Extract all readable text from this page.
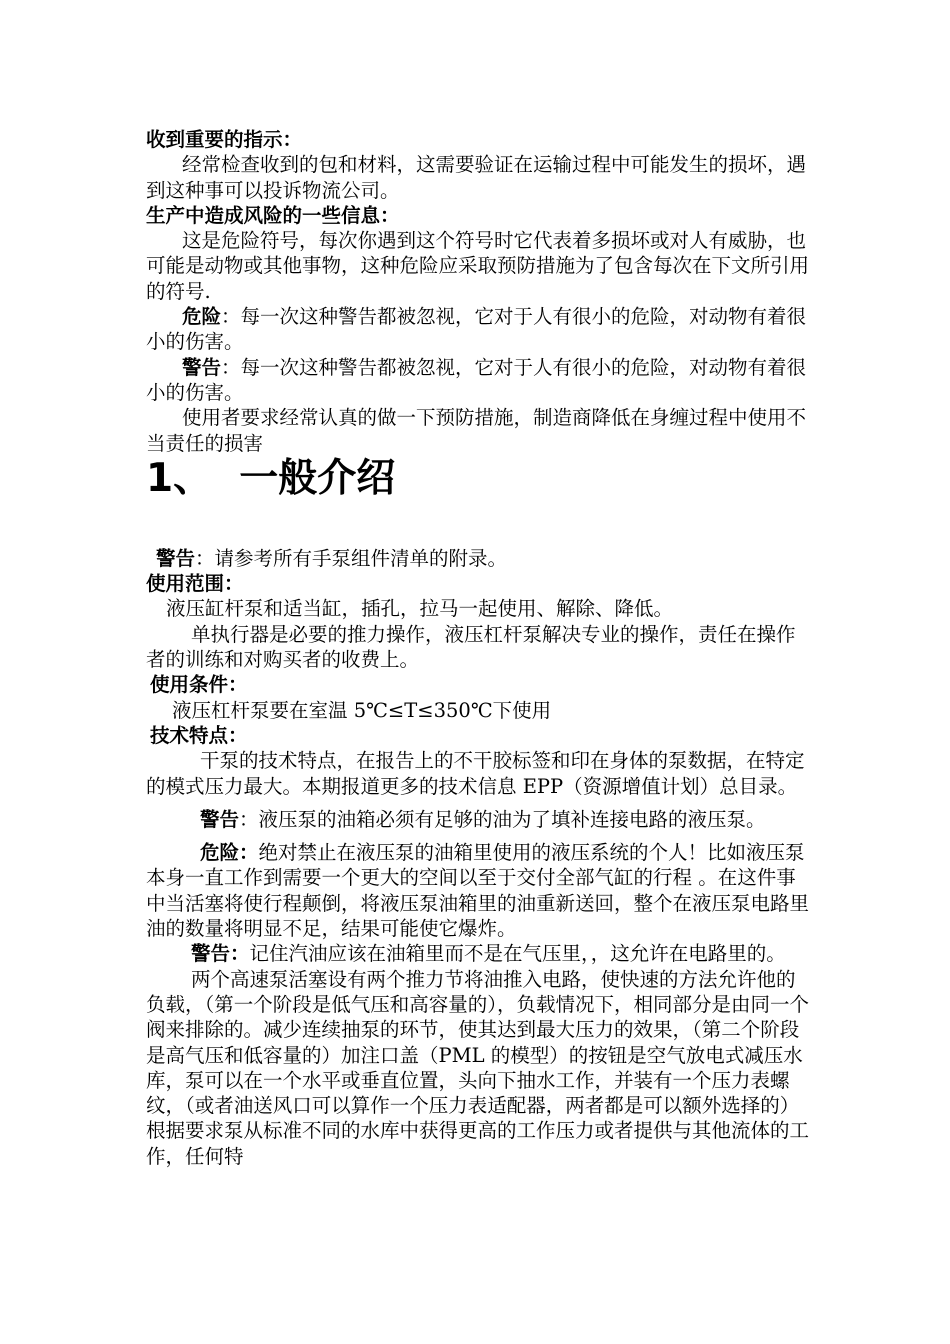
收到重要的指示：

经常检查收到的包和材料，这需要验证在运输过程中可能发生的损坏，遇到这种事可以投诉物流公司。

生产中造成风险的一些信息：

这是危险符号，每次你遇到这个符号时它代表着多损坏或对人有威胁，也可能是动物或其他事物，这种危险应采取预防措施为了包含每次在下文所引用的符号.

危险：每一次这种警告都被忽视，它对于人有很小的危险，对动物有着很小的伤害。

警告：每一次这种警告都被忽视，它对于人有很小的危险，对动物有着很小的伤害。

使用者要求经常认真的做一下预防措施，制造商降低在身缠过程中使用不当责任的损害

1、  一般介绍

警告：请参考所有手泵组件清单的附录。

使用范围：

液压缸杆泵和适当缸，插孔，拉马一起使用、解除、降低。

单执行器是必要的推力操作，液压杠杆泵解决专业的操作，责任在操作者的训练和对购买者的收费上。

使用条件：

液压杠杆泵要在室温 5℃≤T≤350℃下使用

技术特点：

干泵的技术特点，在报告上的不干胶标签和印在身体的泵数据，在特定的模式压力最大。本期报道更多的技术信息 EPP（资源增值计划）总目录。

警告：液压泵的油箱必须有足够的油为了填补连接电路的液压泵。

危险：绝对禁止在液压泵的油箱里使用的液压系统的个人！比如液压泵本身一直工作到需要一个更大的空间以至于交付全部气缸的行程 。在这件事中当活塞将使行程颠倒，将液压泵油箱里的油重新送回，整个在液压泵电路里油的数量将明显不足，结果可能使它爆炸。

警告：记住汽油应该在油箱里而不是在气压里，，这允许在电路里的。

两个高速泵活塞设有两个推力节将油推入电路，使快速的方法允许他的负载，（第一个阶段是低气压和高容量的），负载情况下，相同部分是由同一个阀来排除的。减少连续抽泵的环节，使其达到最大压力的效果，（第二个阶段是高气压和低容量的）加注口盖（PML 的模型）的按钮是空气放电式减压水库，泵可以在一个水平或垂直位置，头向下抽水工作，并装有一个压力表螺纹，（或者油送风口可以算作一个压力表适配器，两者都是可以额外选择的）根据要求泵从标准不同的水库中获得更高的工作压力或者提供与其他流体的工作，任何特
